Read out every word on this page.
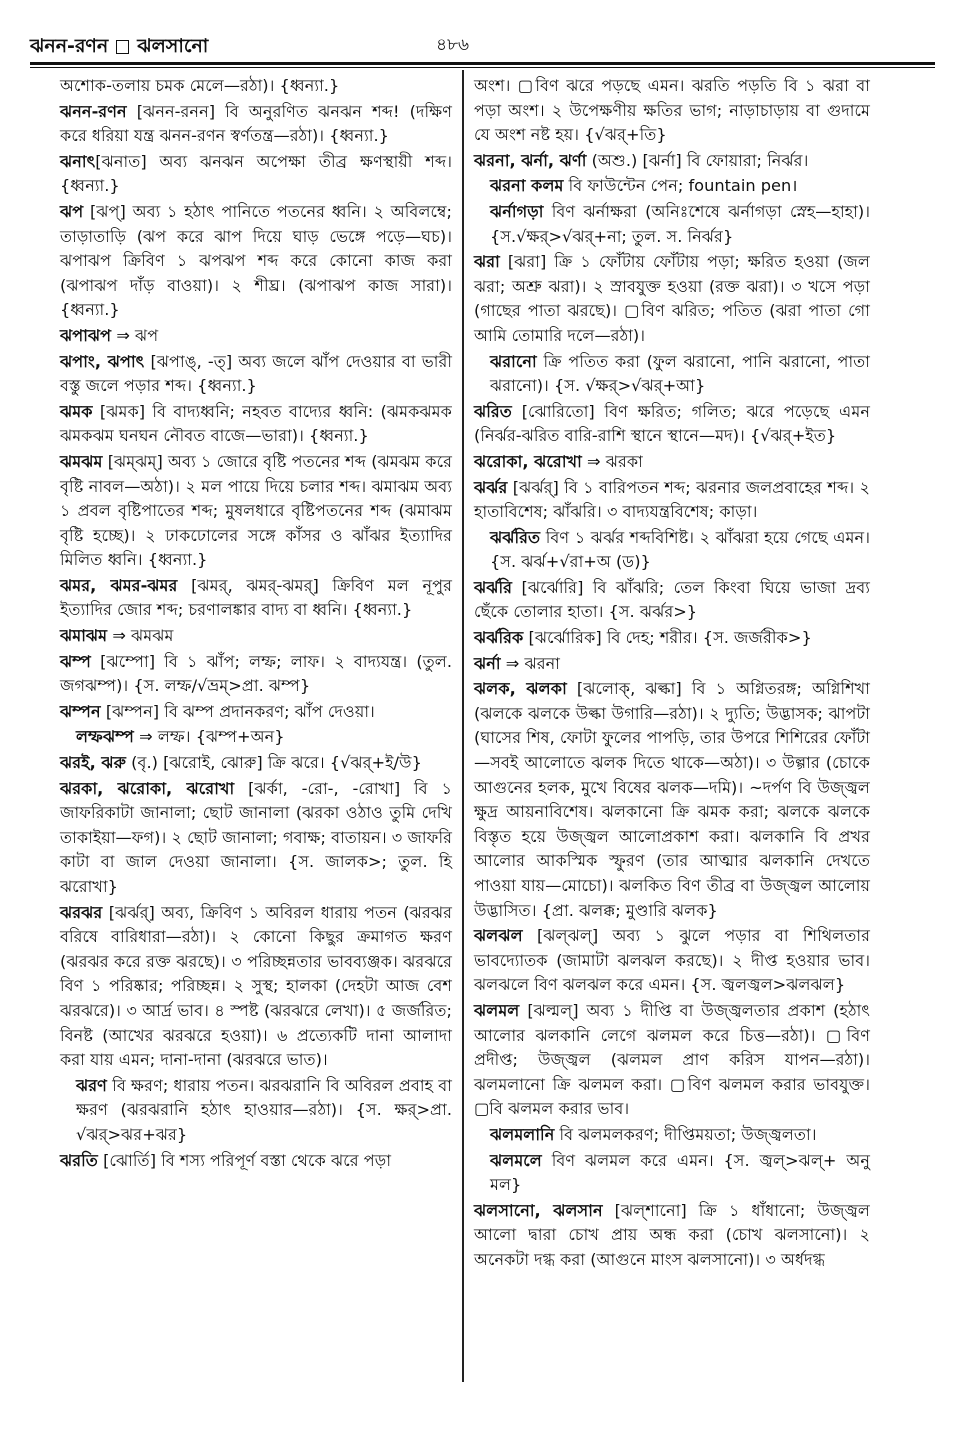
ঝনন-রণন ঝলসানো	৪৮৬
অশোক-তলায় চমক মেলে—রঠা)। {ধ্বন্যা.}
ঝনন-রণন [ঝনন-রনন] বি অনুরণিত ঝনঝন শব্দ! (দক্ষিণ করে ধরিয়া যন্ত্র ঝনন-রণন স্বর্ণতন্ত্র—রঠা)। {ধ্বন্যা.}
ঝনাৎ[ঝনাত] অব্য ঝনঝন অপেক্ষা তীব্র ক্ষণস্থায়ী শব্দ। {ধ্বন্যা.}
ঝপ [ঝপ্] অব্য ১ হঠাৎ পানিতে পতনের ধ্বনি। ২ অবিলম্বে; তাড়াতাড়ি (ঝপ করে ঝাপ দিয়ে ঘাড় ভেঙ্গে পড়ে—ঘচ)। ঝপাঝপ ক্রিবিণ ১ ঝপঝপ শব্দ করে কোনো কাজ করা (ঝপাঝপ দাঁড় বাওয়া)। ২ শীঘ্র। (ঝপাঝপ কাজ সারা)। {ধ্বন্যা.}
ঝপাঝপ ⇒ ঝপ
ঝপাং, ঝপাৎ [ঝপাঙ্, -ত্] অব্য জলে ঝাঁপ দেওয়ার বা ভারী বস্তু জলে পড়ার শব্দ। {ধ্বন্যা.}
ঝমক [ঝমক] বি বাদ্যধ্বনি; নহবত বাদ্যের ধ্বনি: (ঝমকঝমক ঝমকঝম ঘনঘন নৌবত বাজে—ভারা)। {ধ্বন্যা.}
ঝমঝম [ঝম্ঝম্] অব্য ১ জোরে বৃষ্টি পতনের শব্দ (ঝমঝম করে বৃষ্টি নাবল—অঠা)। ২ মল পায়ে দিয়ে চলার শব্দ। ঝমাঝম অব্য ১ প্রবল বৃষ্টিপাতের শব্দ; মুষলধারে বৃষ্টিপতনের শব্দ (ঝমাঝম বৃষ্টি হচ্ছে)। ২ ঢাকঢোলের সঙ্গে কাঁসর ও ঝাঁঝর ইত্যাদির মিলিত ধ্বনি। {ধ্বন্যা.}
ঝমর, ঝমর-ঝমর [ঝমর্, ঝমর্-ঝমর্] ক্রিবিণ মল নূপুর ইত্যাদির জোর শব্দ; চরণালঙ্কার বাদ্য বা ধ্বনি। {ধ্বন্যা.}
ঝমাঝম ⇒ ঝমঝম
ঝম্প [ঝম্পো] বি ১ ঝাঁপ; লম্ফ; লাফ। ২ বাদ্যযন্ত্র। (তুল. জগঝম্প)। {স. লম্ফ/√ভ্রম্>প্রা. ঝম্প}
ঝম্পন [ঝম্পন] বি ঝম্প প্রদানকরণ; ঝাঁপ দেওয়া।
লম্ফঝম্প ⇒ লম্ফ। {ঝম্প+অন}
ঝরই, ঝরু (বৃ.) [ঝরোই, ঝোরু] ক্রি ঝরে। {√ঝর্+ই/উ}
ঝরকা, ঝরোকা, ঝরোখা [ঝর্কা, -রো-, -রোখা] বি ১ জাফরিকাটা জানালা; ছোট জানালা (ঝরকা ওঠাও তুমি দেখি তাকাইয়া—ফগ)। ২ ছোট জানালা; গবাক্ষ; বাতায়ন। ৩ জাফরি কাটা বা জাল দেওয়া জানালা। {স. জালক>; তুল. হি ঝরোখা}
ঝরঝর [ঝর্ঝর্] অব্য, ক্রিবিণ ১ অবিরল ধারায় পতন (ঝরঝর বরিষে বারিধারা—রঠা)। ২ কোনো কিছুর ক্রমাগত ক্ষরণ (ঝরঝর করে রক্ত ঝরছে)। ৩ পরিচ্ছন্নতার ভাবব্যঞ্জক। ঝরঝরে বিণ ১ পরিষ্কার; পরিচ্ছন্ন। ২ সুস্থ; হালকা (দেহটা আজ বেশ ঝরঝরে)। ৩ আর্দ্র ভাব। ৪ স্পষ্ট (ঝরঝরে লেখা)। ৫ জর্জরিত; বিনষ্ট (আখের ঝরঝরে হওয়া)। ৬ প্রত্যেকটি দানা আলাদা করা যায় এমন; দানা-দানা (ঝরঝরে ভাত)।
ঝরণ বি ক্ষরণ; ধারায় পতন। ঝরঝরানি বি অবিরল প্রবাহ বা ক্ষরণ (ঝরঝরানি হঠাৎ হাওয়ার—রঠা)। {স. ক্ষর্>প্রা. √ঝর্>ঝর+ঝর}
ঝরতি [ঝোর্তি] বি শস্য পরিপূর্ণ বস্তা থেকে ঝরে পড়া
অংশ। ▢বিণ ঝরে পড়ছে এমন। ঝরতি পড়তি বি ১ ঝরা বা পড়া অংশ। ২ উপেক্ষণীয় ক্ষতির ভাগ; নাড়াচাড়ায় বা গুদামে যে অংশ নষ্ট হয়। {√ঝর্+তি}
ঝরনা, ঝর্না, ঝর্ণা (অশু.) [ঝর্না] বি ফোয়ারা; নির্ঝর।
ঝরনা কলম বি ফাউন্টেন পেন; fountain pen।
ঝর্নাগড়া বিণ ঝর্নাক্ষরা (অনিঃশেষে ঝর্নাগড়া স্নেহ—হাহা)। {স.√ক্ষর্>√ঝর্+না; তুল. স. নির্ঝর}
ঝরা [ঝরা] ক্রি ১ ফোঁটায় ফোঁটায় পড়া; ক্ষরিত হওয়া (জল ঝরা; অশ্রু ঝরা)। ২ স্রাবযুক্ত হওয়া (রক্ত ঝরা)। ৩ খসে পড়া (গাছের পাতা ঝরছে)। ▢বিণ ঝরিত; পতিত (ঝরা পাতা গো আমি তোমারি দলে—রঠা)।
ঝরানো ক্রি পতিত করা (ফুল ঝরানো, পানি ঝরানো, পাতা ঝরানো)। {স. √ক্ষর্>√ঝর্+আ}
ঝরিত [ঝোরিতো] বিণ ক্ষরিত; গলিত; ঝরে পড়েছে এমন (নির্ঝর-ঝরিত বারি-রাশি স্থানে স্থানে—মদ)। {√ঝর্+ইত}
ঝরোকা, ঝরোখা ⇒ ঝরকা
ঝর্ঝর [ঝর্ঝর্] বি ১ বারিপতন শব্দ; ঝরনার জলপ্রবাহের শব্দ। ২ হাতাবিশেষ; ঝাঁঝরি। ৩ বাদ্যযন্ত্রবিশেষ; কাড়া।
ঝর্ঝরিত বিণ ১ ঝর্ঝর শব্দবিশিষ্ট। ২ ঝাঁঝরা হয়ে গেছে এমন। {স. ঝর্ঝ+√রা+অ (ড)}
ঝর্ঝরি [ঝর্ঝোরি] বি ঝাঁঝরি; তেল কিংবা ঘিয়ে ভাজা দ্রব্য ছেঁকে তোলার হাতা। {স. ঝর্ঝর>}
ঝর্ঝরিক [ঝর্ঝোরিক] বি দেহ; শরীর। {স. জর্জরীক>}
ঝর্না ⇒ ঝরনা
ঝলক, ঝলকা [ঝলোক্, ঝল্কা] বি ১ অগ্নিতরঙ্গ; অগ্নিশিখা (ঝলকে ঝলকে উল্কা উগারি—রঠা)। ২ দ্যুতি; উদ্ভাসক; ঝাপটা (ঘাসের শিষ, ফোটা ফুলের পাপড়ি, তার উপরে শিশিরের ফোঁটা—সবই আলোতে ঝলক দিতে থাকে—অঠা)। ৩ উল্গার (চোকে আগুনের হলক, মুখে বিষের ঝলক—দমি)। ~দর্পণ বি উজ্জ্বল ক্ষুদ্র আয়নাবিশেষ। ঝলকানো ক্রি ঝমক করা; ঝলকে ঝলকে বিস্তৃত হয়ে উজ্জ্বল আলোপ্রকাশ করা। ঝলকানি বি প্রখর আলোর আকস্মিক স্ফুরণ (তার আত্মার ঝলকানি দেখতে পাওয়া যায়—মোচো)। ঝলকিত বিণ তীব্র বা উজ্জ্বল আলোয় উদ্ভাসিত। {প্রা. ঝলক্ক; মুণ্ডারি ঝলক}
ঝলঝল [ঝল্ঝল্] অব্য ১ ঝুলে পড়ার বা শিথিলতার ভাবদ্যোতক (জামাটা ঝলঝল করছে)। ২ দীপ্ত হওয়ার ভাব। ঝলঝলে বিণ ঝলঝল করে এমন। {স. জ্বলজ্বল>ঝলঝল}
ঝলমল [ঝল্মল্] অব্য ১ দীপ্তি বা উজ্জ্বলতার প্রকাশ (হঠাৎ আলোর ঝলকানি লেগে ঝলমল করে চিত্ত—রঠা)। ▢বিণ প্রদীপ্ত; উজ্জ্বল (ঝলমল প্রাণ করিস যাপন—রঠা)। ঝলমলানো ক্রি ঝলমল করা। ▢বিণ ঝলমল করার ভাবযুক্ত। ▢বি ঝলমল করার ভাব।
ঝলমলানি বি ঝলমলকরণ; দীপ্তিময়তা; উজ্জ্বলতা।
ঝলমলে বিণ ঝলমল করে এমন। {স. জ্বল্>ঝল্+ অনু মল}
ঝলসানো, ঝলসান [ঝল্শানো] ক্রি ১ ধাঁধানো; উজ্জ্বল আলো দ্বারা চোখ প্রায় অন্ধ করা (চোখ ঝলসানো)। ২ অনেকটা দগ্ধ করা (আগুনে মাংস ঝলসানো)। ৩ অর্ধদগ্ধ
